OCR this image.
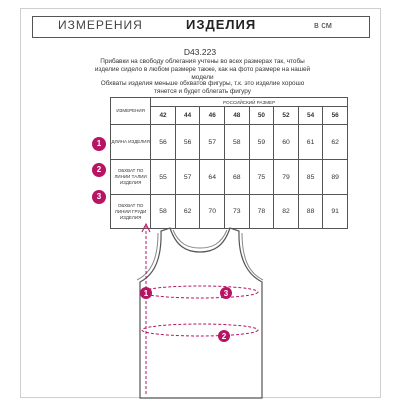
ИЗМЕРЕНИЯ	ИЗДЕЛИЯ	в см
D43.223
Прибавки на свободу облегания учтены во всех размерах так, чтобы
изделие сидело в любом размере также, как на фото размере на нашей
модели
Обхваты изделия меньше обхватов фигуры, т.к. это изделие хорошо
тянется и будет облегать фигуру
ИЗМЕРЕНИЯ	РОССИЙСКИЙ РАЗМЕР							
	42	44	46	48	50	52	54	56
ДЛИНА ИЗДЕЛИЯ	56	56	57	58	59	60	61	62
ОБХВАТ ПО ЛИНИИ ТАЛИИ ИЗДЕЛИЯ	55	57	64	68	75	79	85	89
ОБХВАТ ПО ЛИНИИ ГРУДИ ИЗДЕЛИЯ	58	62	70	73	78	82	88	91
1
2
3
1	3
2
